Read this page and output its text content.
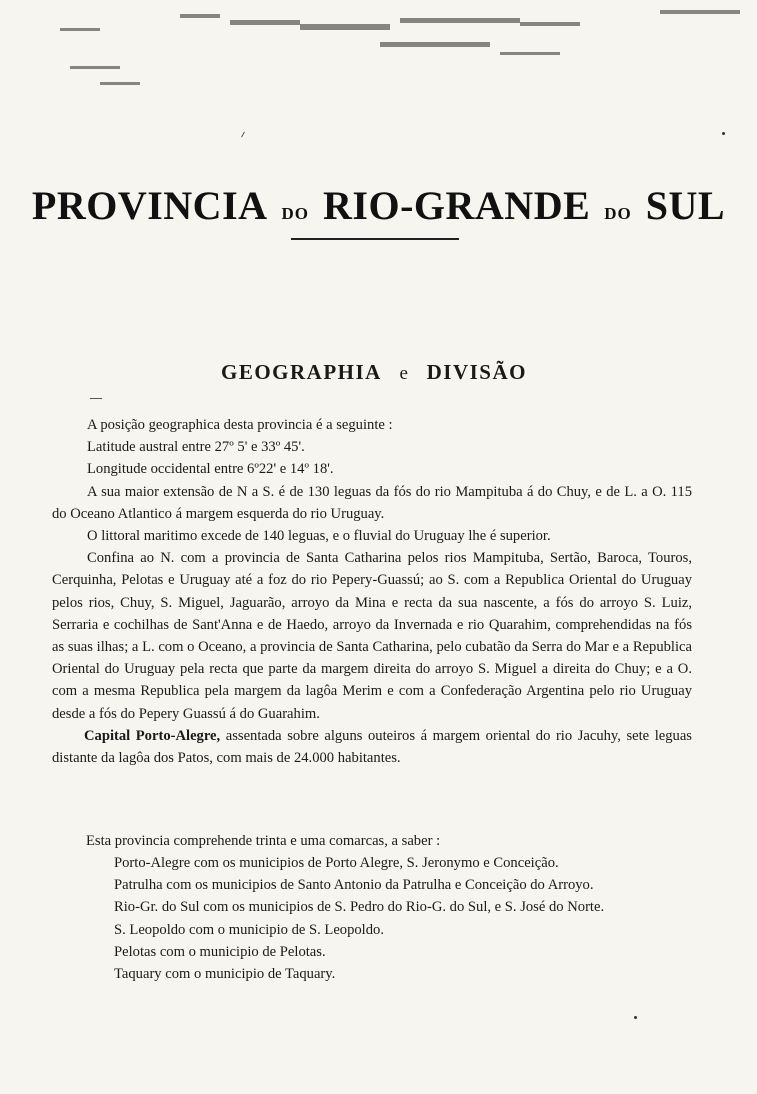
PROVINCIA DO RIO-GRANDE DO SUL
GEOGRAPHIA e DIVISÃO

A posição geographica desta provincia é a seguinte :

Latitude austral entre 27º 5' e 33º 45'.

Longitude occidental entre 6º22' e 14º 18'.

A sua maior extensão de N a S. é de 130 leguas da fós do rio Mampituba á do Chuy, e de L. a O. 115 do Oceano Atlantico á margem esquerda do rio Uruguay.

O littoral maritimo excede de 140 leguas, e o fluvial do Uruguay lhe é superior.

Confina ao N. com a provincia de Santa Catharina pelos rios Mampituba, Sertão, Baroca, Touros, Cerquinha, Pelotas e Uruguay até a foz do rio Pepery-Guassú; ao S. com a Republica Oriental do Uruguay pelos rios, Chuy, S. Miguel, Jaguarão, arroyo da Mina e recta da sua nascente, a fós do arroyo S. Luiz, Serraria e cochilhas de Sant'Anna e de Haedo, arroyo da Invernada e rio Quarahim, comprehendidas na fós as suas ilhas; a L. com o Oceano, a provincia de Santa Catharina, pelo cubatão da Serra do Mar e a Republica Oriental do Uruguay pela recta que parte da margem direita do arroyo S. Miguel a direita do Chuy; e a O. com a mesma Republica pela margem da lagôa Merim e com a Confederação Argentina pelo rio Uruguay desde a fós do Pepery Guassú á do Guarahim.

Capital Porto-Alegre, assentada sobre alguns outeiros á margem oriental do rio Jacuhy, sete leguas distante da lagôa dos Patos, com mais de 24.000 habitantes.

Esta provincia comprehende trinta e uma comarcas, a saber :

Porto-Alegre com os municipios de Porto Alegre, S. Jeronymo e Conceição.

Patrulha com os municipios de Santo Antonio da Patrulha e Conceição do Arroyo.

Rio-Gr. do Sul com os municipios de S. Pedro do Rio-G. do Sul, e S. José do Norte.

S. Leopoldo com o municipio de S. Leopoldo.

Pelotas com o municipio de Pelotas.

Taquary com o municipio de Taquary.
